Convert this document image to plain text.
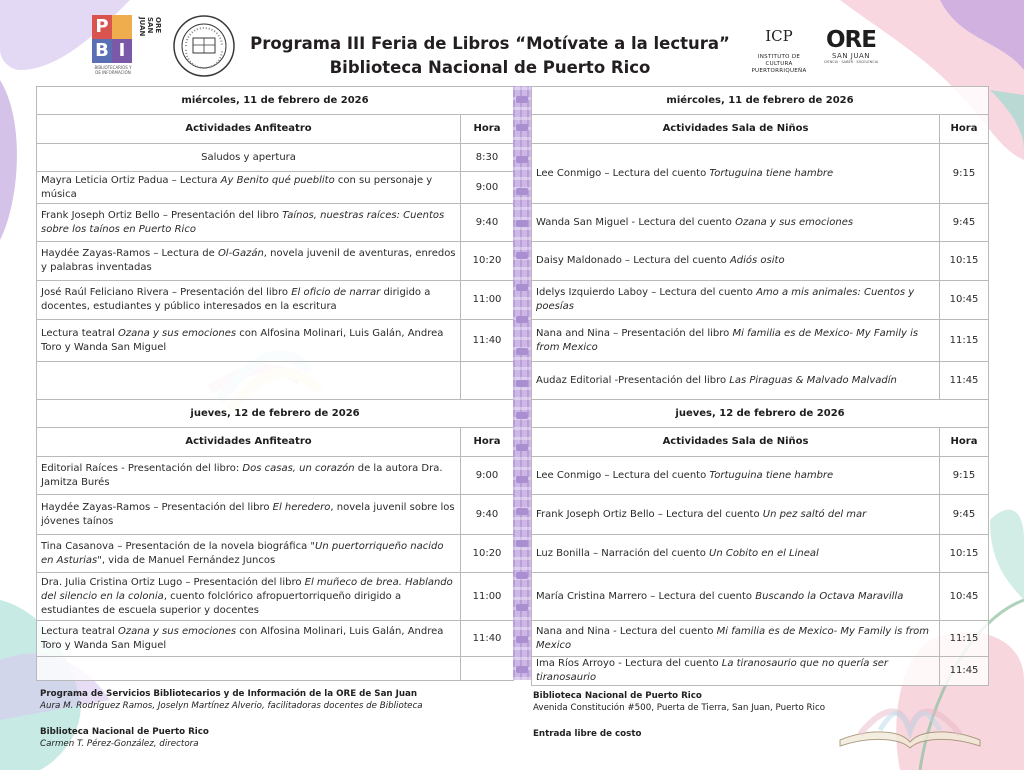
P
B I
ORE SAN JUAN
BIBLIOTECARIOS Y DE INFORMACIÓN
Programa III Feria de Libros “Motívate a la lectura”
Biblioteca Nacional de Puerto Rico
ICP
INSTITUTO DE CULTURA
PUERTORRIQUEÑA
ORE
SAN JUAN
CIENCIA · SABER · EXCELENCIA
miércoles, 11 de febrero de 2026	
Actividades Anfiteatro	Hora
Saludos y apertura	8:30
Mayra Leticia Ortiz Padua – Lectura Ay Benito qué pueblito con su personaje y música	9:00
Frank Joseph Ortiz Bello – Presentación del libro Taínos, nuestras raíces: Cuentos sobre los taínos en Puerto Rico	9:40
Haydée Zayas-Ramos – Lectura de Ol-Gazán, novela juvenil de aventuras, enredos y palabras inventadas	10:20
José Raúl Feliciano Rivera – Presentación del libro El oficio de narrar dirigido a docentes, estudiantes y público interesados en la escritura	11:00
Lectura teatral Ozana y sus emociones con Alfosina Molinari, Luis Galán, Andrea Toro y Wanda San Miguel	11:40

jueves, 12 de febrero de 2026	
Actividades Anfiteatro	Hora
Editorial Raíces - Presentación del libro: Dos casas, un corazón de la autora Dra. Jamitza Burés	9:00
Haydée Zayas-Ramos – Presentación del libro El heredero, novela juvenil sobre los jóvenes taínos	9:40
Tina Casanova – Presentación de la novela biográfica "Un puertorriqueño nacido en Asturias", vida de Manuel Fernández Juncos	10:20
Dra. Julia Cristina Ortiz Lugo – Presentación del libro El muñeco de brea. Hablando del silencio en la colonia, cuento folclórico afropuertorriqueño dirigido a estudiantes de escuela superior y docentes	11:00
Lectura teatral Ozana y sus emociones con Alfosina Molinari, Luis Galán, Andrea Toro y Wanda San Miguel	11:40

miércoles, 11 de febrero de 2026	
Actividades Sala de Niños	Hora
Lee Conmigo – Lectura del cuento Tortuguina tiene hambre	9:15
Wanda San Miguel - Lectura del cuento Ozana y sus emociones	9:45
Daisy Maldonado – Lectura del cuento Adiós osito	10:15
Idelys Izquierdo Laboy – Lectura del cuento Amo a mis animales: Cuentos y poesías	10:45
Nana and Nina – Presentación del libro Mi familia es de Mexico- My Family is from Mexico	11:15
Audaz Editorial -Presentación del libro Las Piraguas & Malvado Malvadín	11:45
jueves, 12 de febrero de 2026	
Actividades Sala de Niños	Hora
Lee Conmigo – Lectura del cuento Tortuguina tiene hambre	9:15
Frank Joseph Ortiz Bello – Lectura del cuento Un pez saltó del mar	9:45
Luz Bonilla – Narración del cuento Un Cobito en el Lineal	10:15
María Cristina Marrero – Lectura del cuento Buscando la Octava Maravilla	10:45
Nana and Nina - Lectura del cuento Mi familia es de Mexico- My Family is from Mexico	11:15
Ima Ríos Arroyo - Lectura del cuento La tiranosaurio que no quería ser tiranosaurio	11:45
Programa de Servicios Bibliotecarios y de Información de la ORE de San Juan
Aura M. Rodríguez Ramos, Joselyn Martínez Alverio, facilitadoras docentes de Biblioteca
Biblioteca Nacional de Puerto Rico
Carmen T. Pérez-González, directora
Biblioteca Nacional de Puerto Rico
Avenida Constitución #500, Puerta de Tierra, San Juan, Puerto Rico
Entrada libre de costo
